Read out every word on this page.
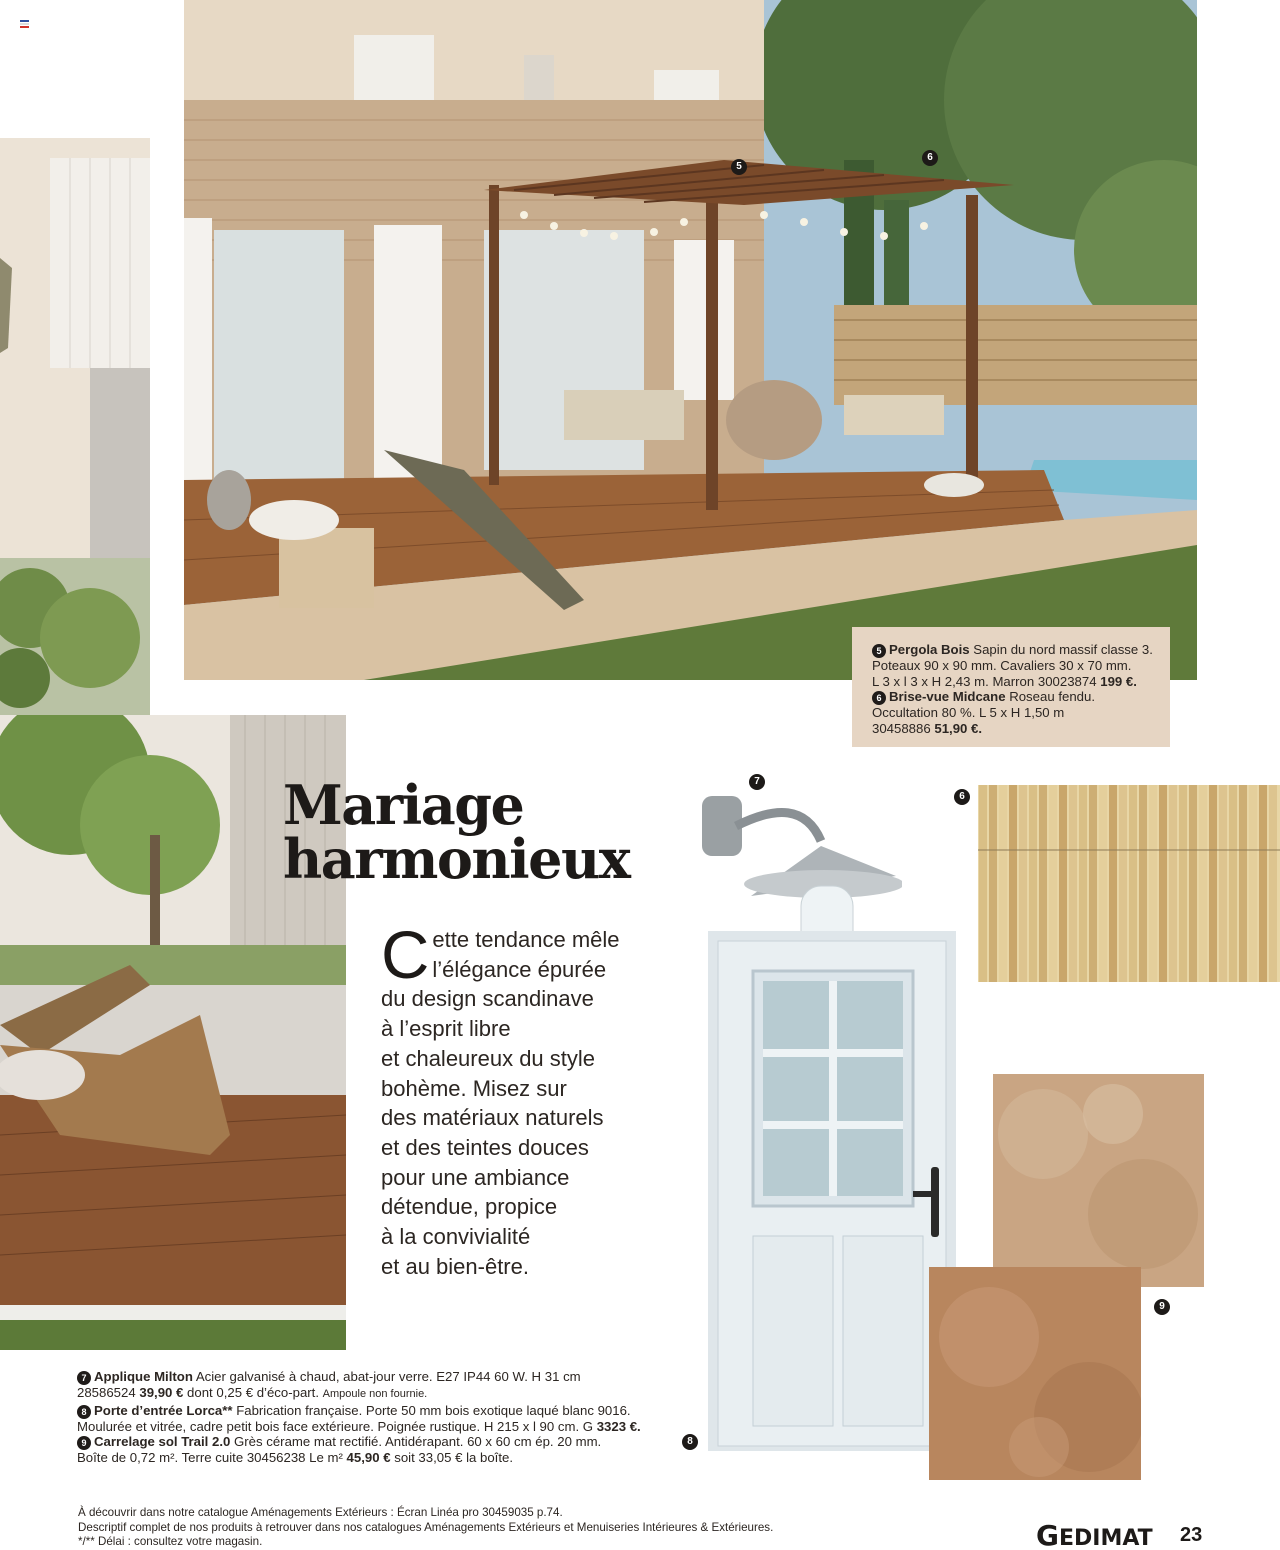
5
6
5 Pergola Bois Sapin du nord massif classe 3.
Poteaux 90 x 90 mm. Cavaliers 30 x 70 mm.
L 3 x l 3 x H 2,43 m. Marron 30023874 199 €.
6 Brise-vue Midcane Roseau fendu.
Occultation 80 %. L 5 x H 1,50 m
30458886 51,90 €.
Mariage
harmonieux
C ette tendance mêle
l’élégance épurée
du design scandinave
à l’esprit libre
et chaleureux du style
bohème. Misez sur
des matériaux naturels
et des teintes douces
pour une ambiance
détendue, propice
à la convivialité
et au bien-être.
7
6
8
9
7 Applique Milton Acier galvanisé à chaud, abat-jour verre. E27 IP44 60 W. H 31 cm
28586524 39,90 € dont 0,25 € d’éco-part. Ampoule non fournie.
8 Porte d’entrée Lorca** Fabrication française. Porte 50 mm bois exotique laqué blanc 9016.
Moulurée et vitrée, cadre petit bois face extérieure. Poignée rustique. H 215 x l 90 cm. G 3323 €.
9 Carrelage sol Trail 2.0 Grès cérame mat rectifié. Antidérapant. 60 x 60 cm ép. 20 mm.
Boîte de 0,72 m². Terre cuite 30456238 Le m² 45,90 € soit 33,05 € la boîte.
À découvrir dans notre catalogue Aménagements Extérieurs : Écran Linéa pro 30459035 p.74.
Descriptif complet de nos produits à retrouver dans nos catalogues Aménagements Extérieurs et Menuiseries Intérieures & Extérieures.
*/** Délai : consultez votre magasin.	GEDIMAT 23
